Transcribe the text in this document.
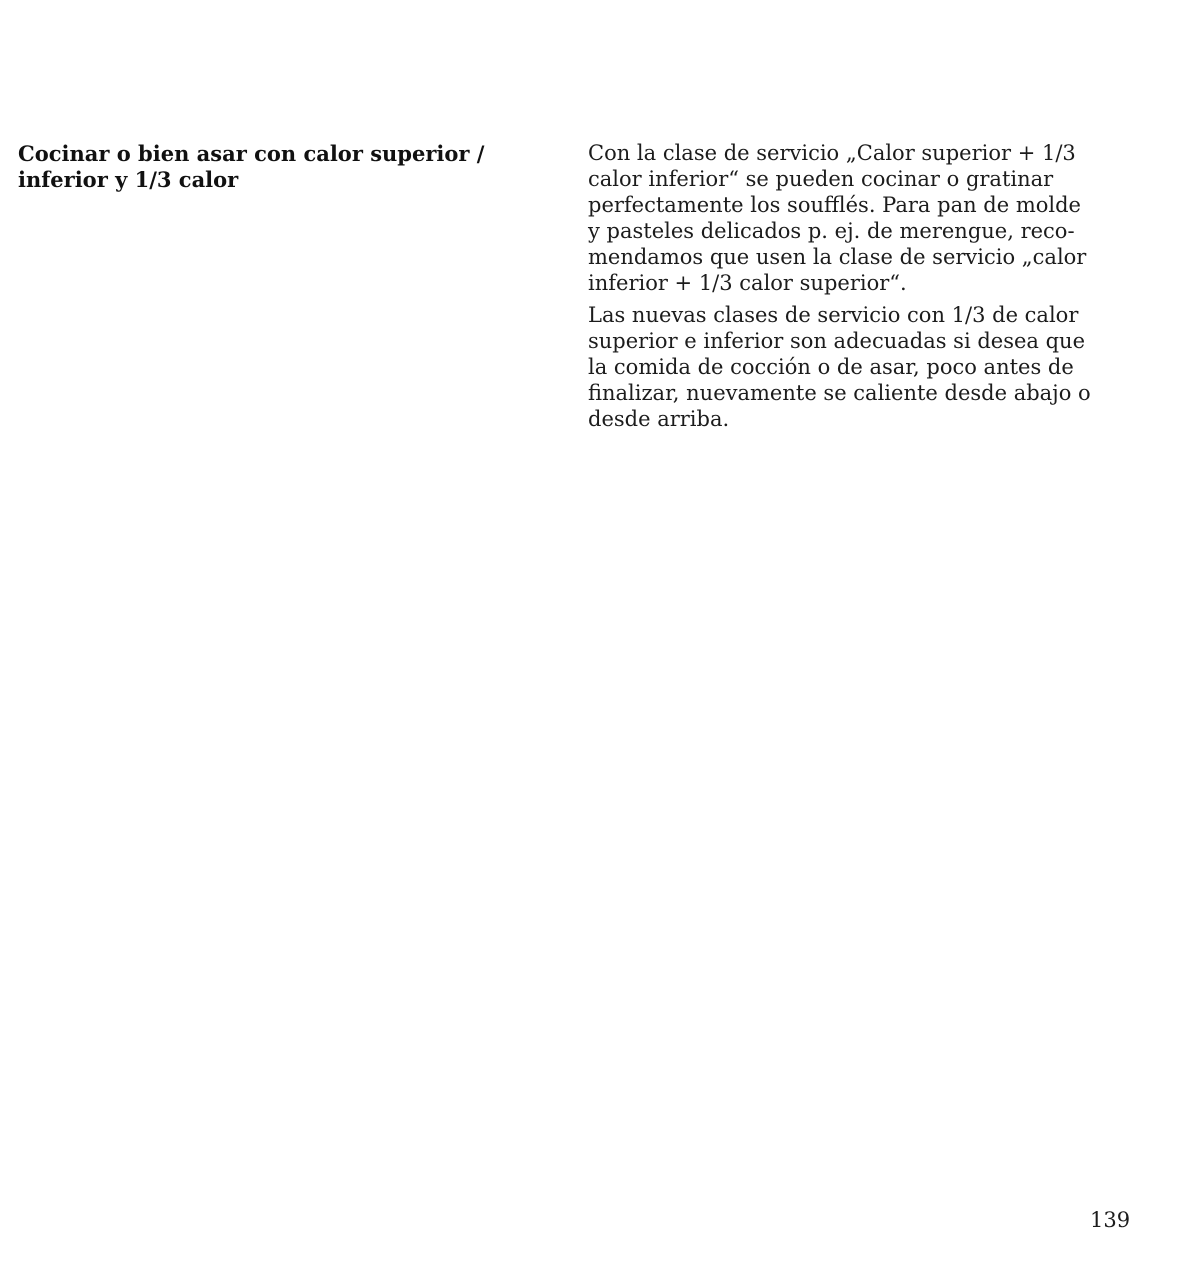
Cocinar o bien asar con calor superior /
inferior y 1/3 calor

Con la clase de servicio „Calor superior + 1/3
calor inferior“ se pueden cocinar o gratinar
perfectamente los soufflés. Para pan de molde
y pasteles delicados p. ej. de merengue, reco-
mendamos que usen la clase de servicio „calor
inferior + 1/3 calor superior“.

Las nuevas clases de servicio con 1/3 de calor
superior e inferior son adecuadas si desea que
la comida de cocción o de asar, poco antes de
finalizar, nuevamente se caliente desde abajo o
desde arriba.

139
